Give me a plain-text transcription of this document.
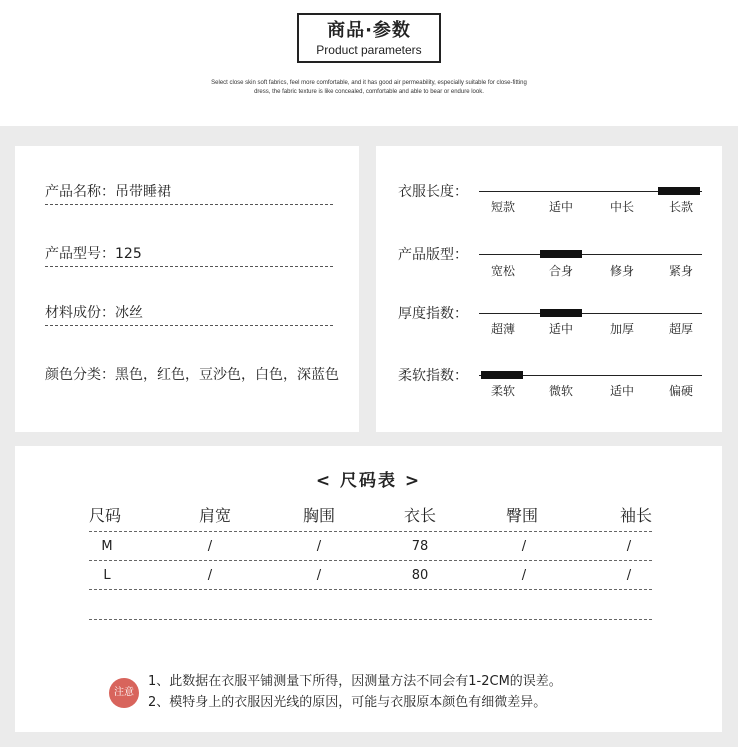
商品·参数
Product parameters
Select close skin soft fabrics, feel more comfortable, and it has good air permeability, especially suitable for close-fitting
dress, the fabric texture is like concealed, comfortable and able to bear or endure look.
产品名称：吊带睡裙
产品型号：125
材料成份：冰丝
颜色分类：黑色，红色，豆沙色，白色，深蓝色
衣服长度：
短款	适中	中长	长款
产品版型：
宽松	合身	修身	紧身
厚度指数：
超薄	适中	加厚	超厚
柔软指数：
柔软	微软	适中	偏硬
< 尺码表 >
尺码	肩宽	胸围	衣长	臀围	袖长
M	/	/	78	/	/
L	/	/	80	/	/
注意
1、此数据在衣服平铺测量下所得，因测量方法不同会有1-2CM的误差。
2、模特身上的衣服因光线的原因，可能与衣服原本颜色有细微差异。
